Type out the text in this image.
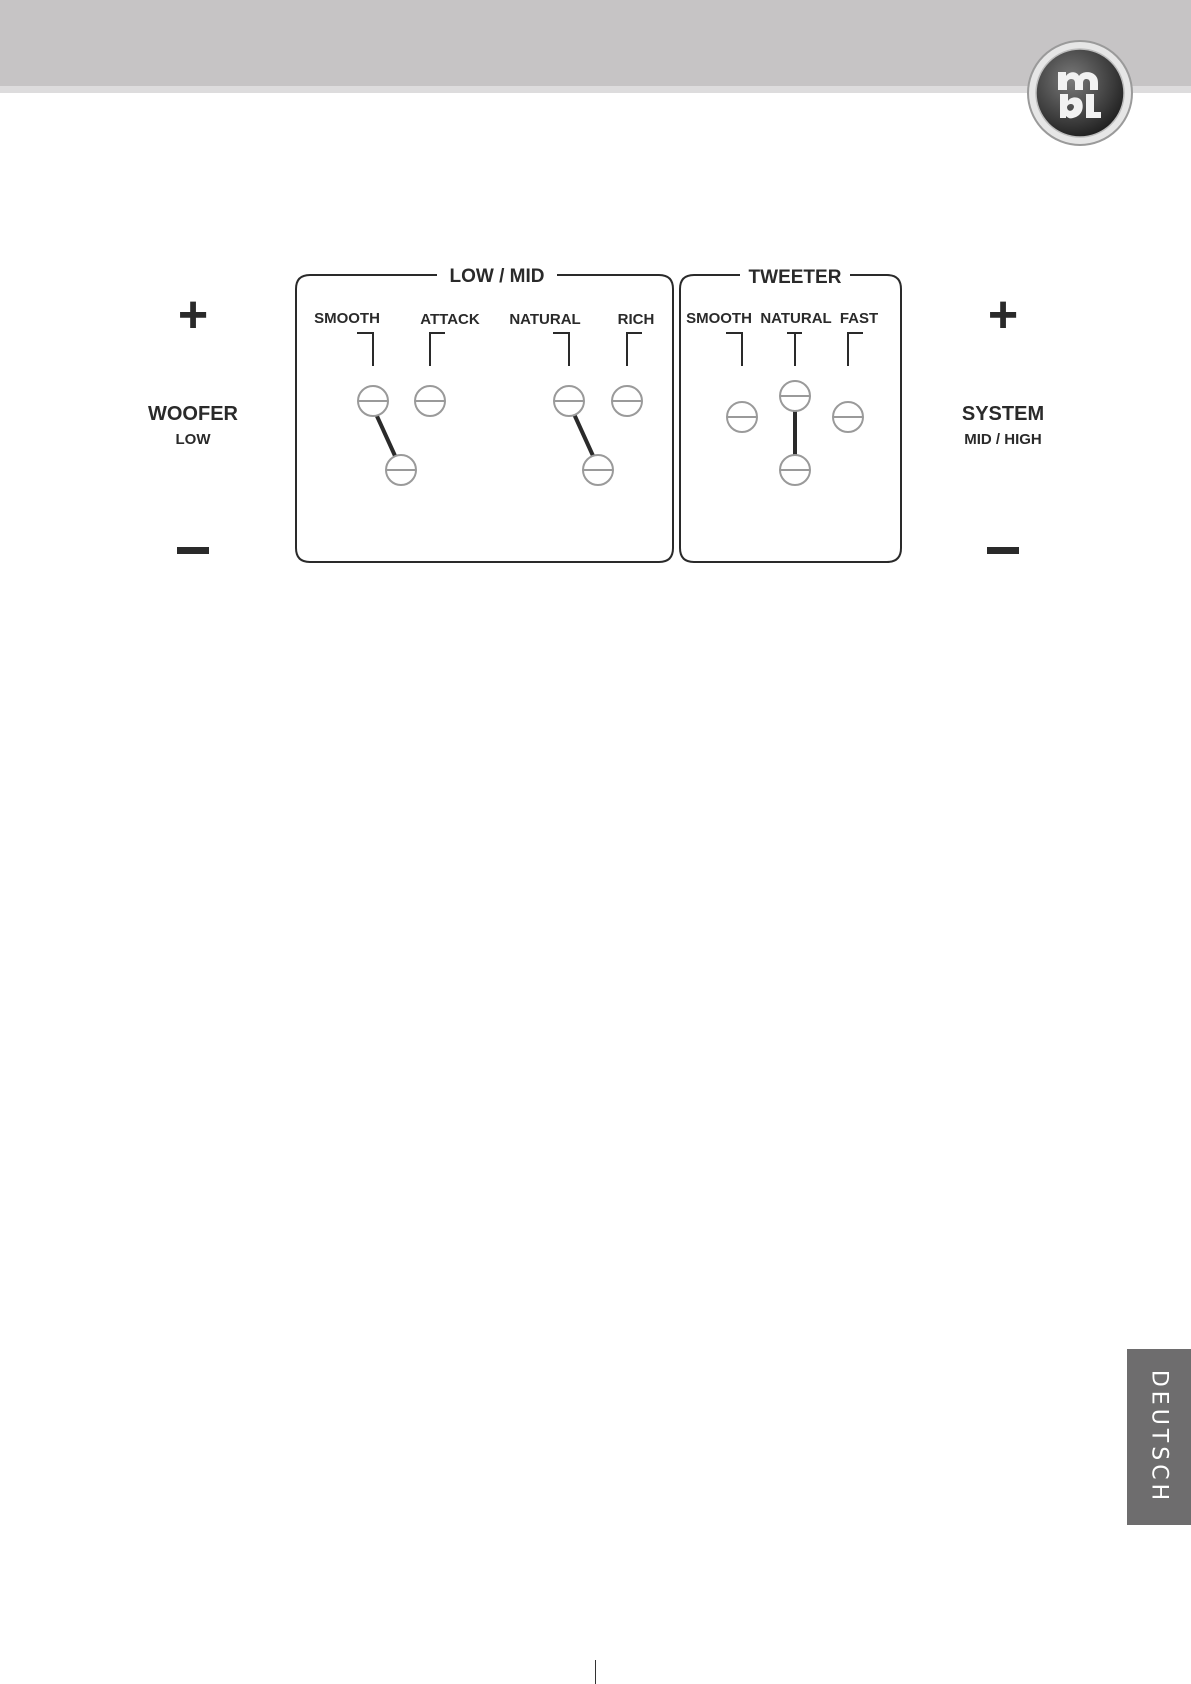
+
WOOFER
LOW
+
SYSTEM
MID / HIGH
LOW / MID
SMOOTH	ATTACK NATURAL RICH
TWEETER
SMOOTH NATURAL FAST
DEUTSCH
